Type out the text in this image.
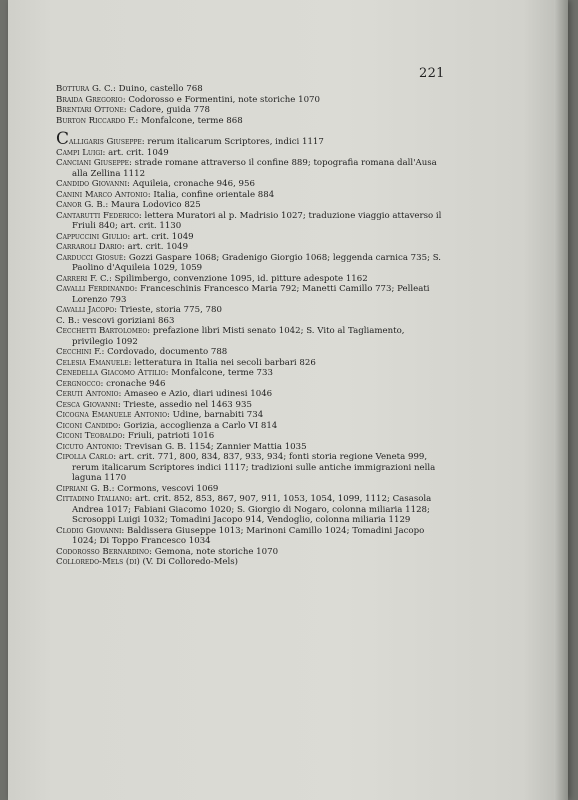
221

Bottura G. C.: Duino, castello 768

Braida Gregorio: Codorosso e Formentini, note storiche 1070

Brentari Ottone: Cadore, guida 778

Burton Riccardo F.: Monfalcone, terme 868

Calligaris Giuseppe: rerum italicarum Scriptores, indici 1117

Campi Luigi: art. crit. 1049

Canciani Giuseppe: strade romane attraverso il confine 889; topografia romana dall'Ausa alla Zellina 1112

Candido Giovanni: Aquileia, cronache 946, 956

Canini Marco Antonio: Italia, confine orientale 884

Canor G. B.: Maura Lodovico 825

Cantarutti Federico: lettera Muratori al p. Madrisio 1027; traduzione viaggio attaverso il Friuli 840; art. crit. 1130

Cappuccini Giulio: art. crit. 1049

Carraroli Dario: art. crit. 1049

Carducci Giosuè: Gozzi Gaspare 1068; Gradenigo Giorgio 1068; leggenda carnica 735; S. Paolino d'Aquileia 1029, 1059

Carreri F. C.: Spilimbergo, convenzione 1095, id. pitture adespote 1162

Cavalli Ferdinando: Franceschinis Francesco Maria 792; Manetti Camillo 773; Pelleati Lorenzo 793

Cavalli Jacopo: Trieste, storia 775, 780

C. B.: vescovi goriziani 863

Cecchetti Bartolomeo: prefazione libri Misti senato 1042; S. Vito al Tagliamento, privilegio 1092

Cecchini F.: Cordovado, documento 788

Celesia Emanuele: letteratura in Italia nei secoli barbari 826

Cenedella Giacomo Attilio: Monfalcone, terme 733

Cergnocco: cronache 946

Ceruti Antonio: Amaseo e Azio, diari udinesi 1046

Cesca Giovanni: Trieste, assedio nel 1463 935

Cicogna Emanuele Antonio: Udine, barnabiti 734

Ciconi Candido: Gorizia, accoglienza a Carlo VI 814

Ciconi Teobaldo: Friuli, patrioti 1016

Cicuto Antonio: Trevisan G. B. 1154; Zannier Mattia 1035

Cipolla Carlo: art. crit. 771, 800, 834, 837, 933, 934; fonti storia regione Veneta 999, rerum italicarum Scriptores indici 1117; tradizioni sulle antiche immigrazioni nella laguna 1170

Cipriani G. B.: Cormons, vescovi 1069

Cittadino Italiano: art. crit. 852, 853, 867, 907, 911, 1053, 1054, 1099, 1112; Casasola Andrea 1017; Fabiani Giacomo 1020; S. Giorgio di Nogaro, colonna miliaria 1128; Scrosoppi Luigi 1032; Tomadini Jacopo 914, Vendoglio, colonna miliaria 1129

Clodig Giovanni: Baldissera Giuseppe 1013; Marinoni Camillo 1024; Tomadini Jacopo 1024; Di Toppo Francesco 1034

Codorosso Bernardino: Gemona, note storiche 1070

Colloredo-Mels (di) (V. Di Colloredo-Mels)
